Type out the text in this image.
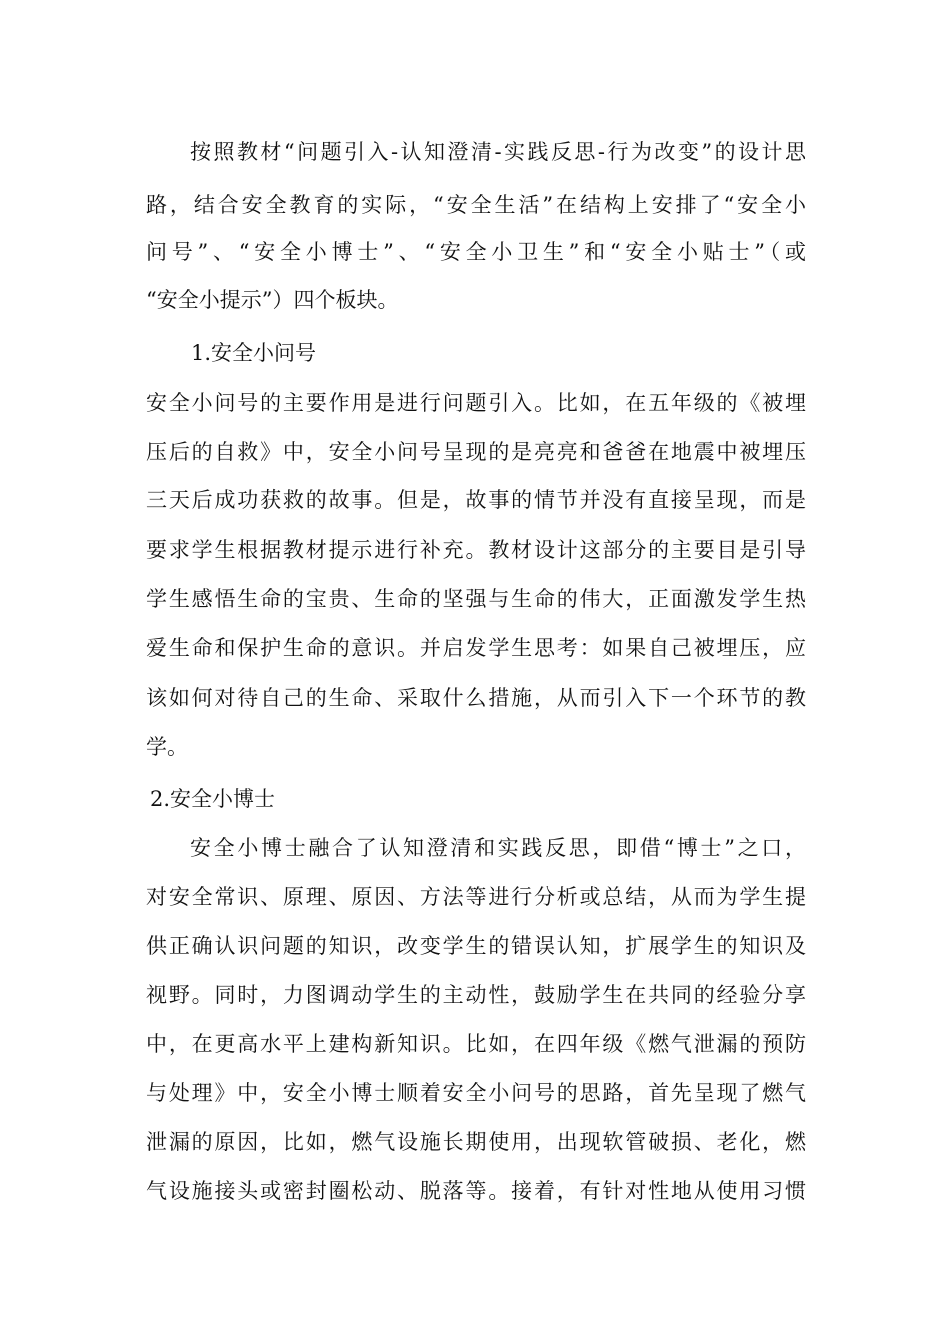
按照教材“问题引入-认知澄清-实践反思-行为改变”的设计思
路，结合安全教育的实际，“安全生活”在结构上安排了“安全小
问号”、“安全小博士”、“安全小卫生”和“安全小贴士”（或
“安全小提示”）四个板块。
1.安全小问号
安全小问号的主要作用是进行问题引入。比如，在五年级的《被埋
压后的自救》中，安全小问号呈现的是亮亮和爸爸在地震中被埋压
三天后成功获救的故事。但是，故事的情节并没有直接呈现，而是
要求学生根据教材提示进行补充。教材设计这部分的主要目是引导
学生感悟生命的宝贵、生命的坚强与生命的伟大，正面激发学生热
爱生命和保护生命的意识。并启发学生思考：如果自己被埋压，应
该如何对待自己的生命、采取什么措施，从而引入下一个环节的教
学。
2.安全小博士
安全小博士融合了认知澄清和实践反思，即借“博士”之口，
对安全常识、原理、原因、方法等进行分析或总结，从而为学生提
供正确认识问题的知识，改变学生的错误认知，扩展学生的知识及
视野。同时，力图调动学生的主动性，鼓励学生在共同的经验分享
中，在更高水平上建构新知识。比如，在四年级《燃气泄漏的预防
与处理》中，安全小博士顺着安全小问号的思路，首先呈现了燃气
泄漏的原因，比如，燃气设施长期使用，出现软管破损、老化，燃
气设施接头或密封圈松动、脱落等。接着，有针对性地从使用习惯
